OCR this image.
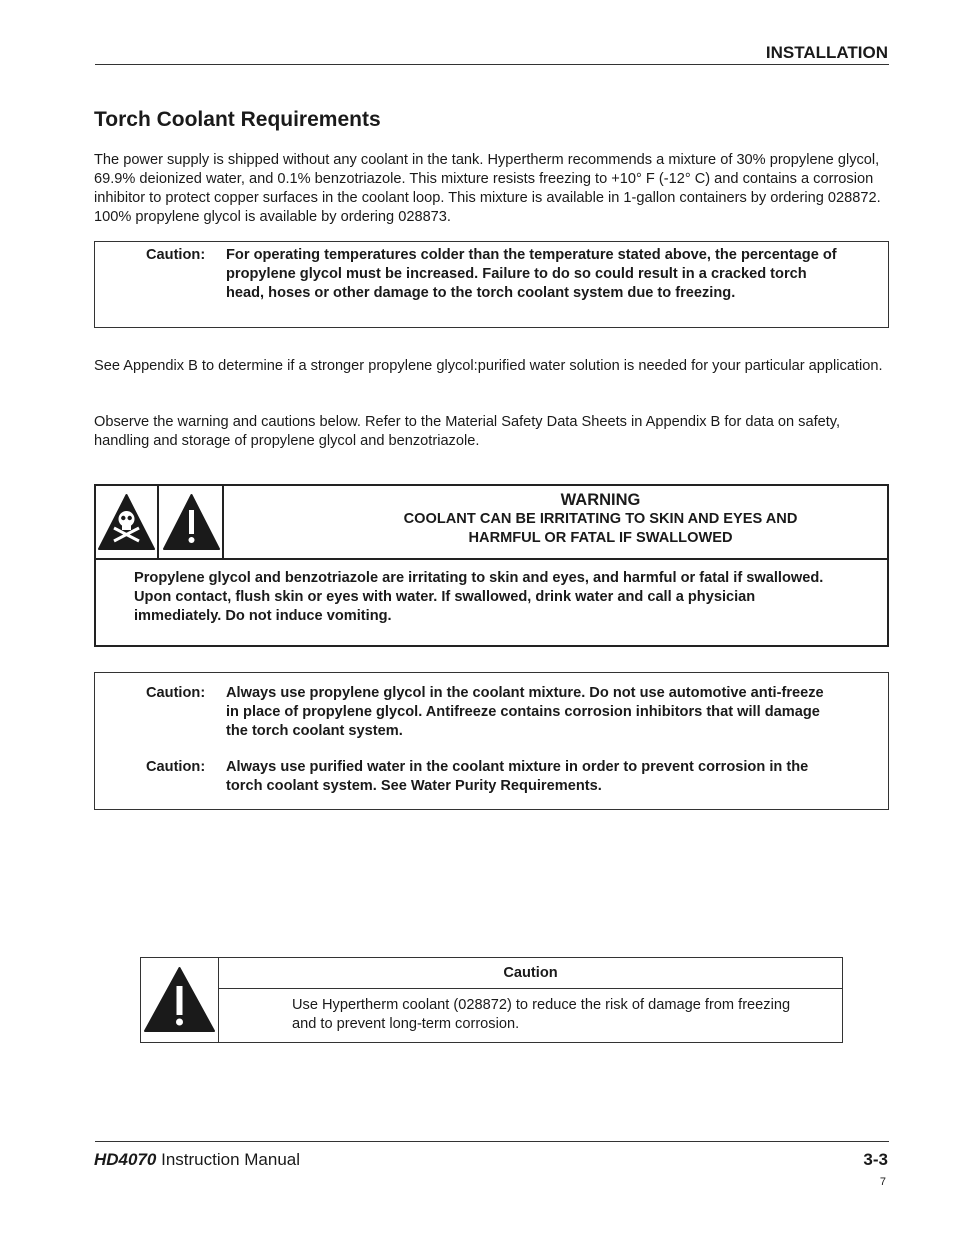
INSTALLATION
Torch Coolant Requirements

The power supply is shipped without any coolant in the tank. Hypertherm recommends a mixture of 30% propylene glycol, 69.9% deionized water, and 0.1% benzotriazole. This mixture resists freezing to +10° F (-12° C) and contains a corrosion inhibitor to protect copper surfaces in the coolant loop. This mixture is available in 1-gallon containers by ordering 028872. 100% propylene glycol is available by ordering 028873.

Caution:	For operating temperatures colder than the temperature stated above, the percentage of propylene glycol must be increased. Failure to do so could result in a cracked torch head, hoses or other damage to the torch coolant system due to freezing.

See Appendix B to determine if a stronger propylene glycol:purified water solution is needed for your particular application.

Observe the warning and cautions below. Refer to the Material Safety Data Sheets in Appendix B for data on safety, handling and storage of propylene glycol and benzotriazole.

WARNING
COOLANT CAN BE IRRITATING TO SKIN AND EYES AND
HARMFUL OR FATAL IF SWALLOWED
Propylene glycol and benzotriazole are irritating to skin and eyes, and harmful or fatal if swallowed. Upon contact, flush skin or eyes with water. If swallowed, drink water and call a physician immediately. Do not induce vomiting.
Caution:	Always use propylene glycol in the coolant mixture. Do not use automotive anti-freeze in place of propylene glycol. Antifreeze contains corrosion inhibitors that will damage the torch coolant system.
Caution:	Always use purified water in the coolant mixture in order to prevent corrosion in the torch coolant system. See Water Purity Requirements.
Caution
Use Hypertherm coolant (028872) to reduce the risk of damage from freezing and to prevent long-term corrosion.
HD4070 Instruction Manual	3-3
7
